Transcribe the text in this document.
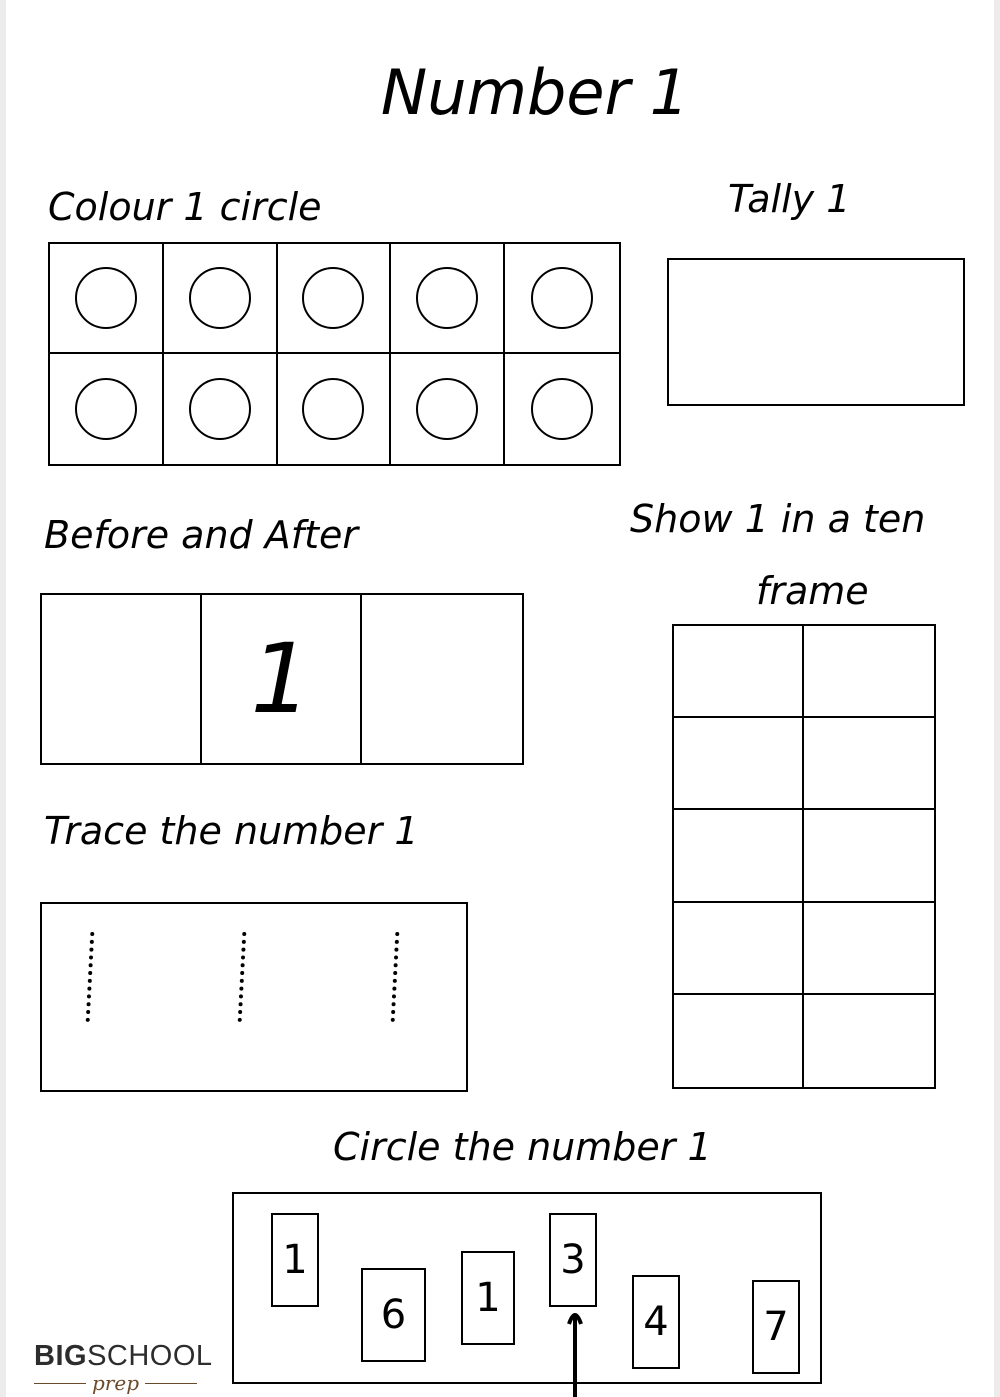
Number 1
Colour 1 circle	Tally 1
Before and After
1
Show 1 in a ten
frame
Trace the number 1
Circle the number 1
1
6 1
3
4 7
BIGSCHOOL
prep
